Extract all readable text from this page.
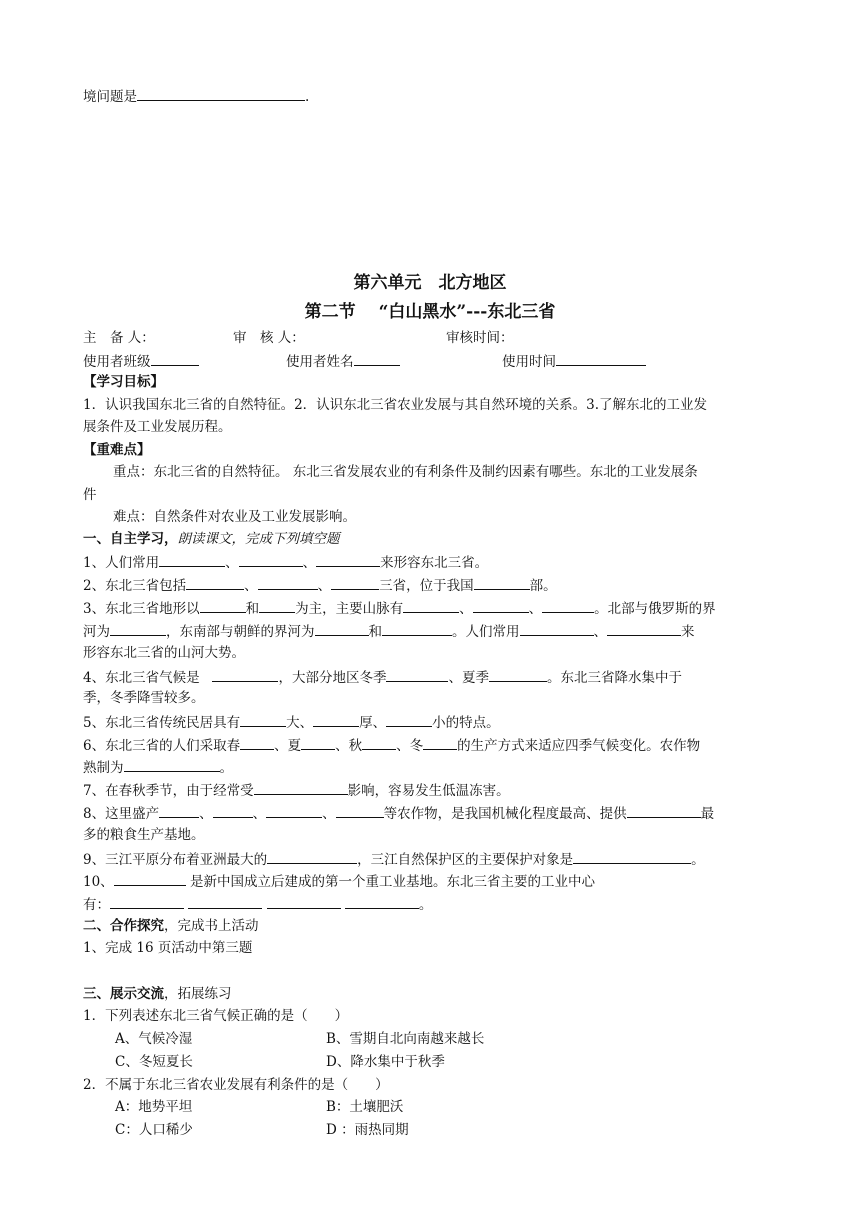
境问题是	.
第六单元　北方地区
第二节　 “白山黑水”---东北三省
主　备 人：	审　核 人：	审核时间：
使用者班级	使用者姓名	使用时间
【学习目标】
1．认识我国东北三省的自然特征。2．认识东北三省农业发展与其自然环境的关系。3.了解东北的工业发
展条件及工业发展历程。
【重难点】
重点：东北三省的自然特征。 东北三省发展农业的有利条件及制约因素有哪些。东北的工业发展条
件
难点：自然条件对农业及工业发展影响。
一、自主学习，朗读课文，完成下列填空题
1、人们常用	、	、	来形容东北三省。
2、东北三省包括	、	、	三省，位于我国	部。
3、东北三省地形以	和	为主，主要山脉有	、	、	。北部与俄罗斯的界
河为	，东南部与朝鲜的界河为	和	。人们常用	、	来
形容东北三省的山河大势。
4、东北三省气候是	，大部分地区冬季	、夏季	。东北三省降水集中于
季，冬季降雪较多。
5、东北三省传统民居具有	大、	厚、	小的特点。
6、东北三省的人们采取春	、夏	、秋	、冬	的生产方式来适应四季气候变化。农作物
熟制为	。
7、在春秋季节，由于经常受	影响，容易发生低温冻害。
8、这里盛产	、	、	、	等农作物，是我国机械化程度最高、提供	最
多的粮食生产基地。
9、三江平原分布着亚洲最大的	，三江自然保护区的主要保护对象是	。
10、	是新中国成立后建成的第一个重工业基地。东北三省主要的工业中心
有：	。
二、合作探究，完成书上活动
1、完成 16 页活动中第三题
三、展示交流，拓展练习
1．下列表述东北三省气候正确的是（　　）
A、气候冷湿	B、雪期自北向南越来越长
C、冬短夏长	D、降水集中于秋季
2．不属于东北三省农业发展有利条件的是（　　）
A：地势平坦	B：土壤肥沃
C：人口稀少	D ：雨热同期
